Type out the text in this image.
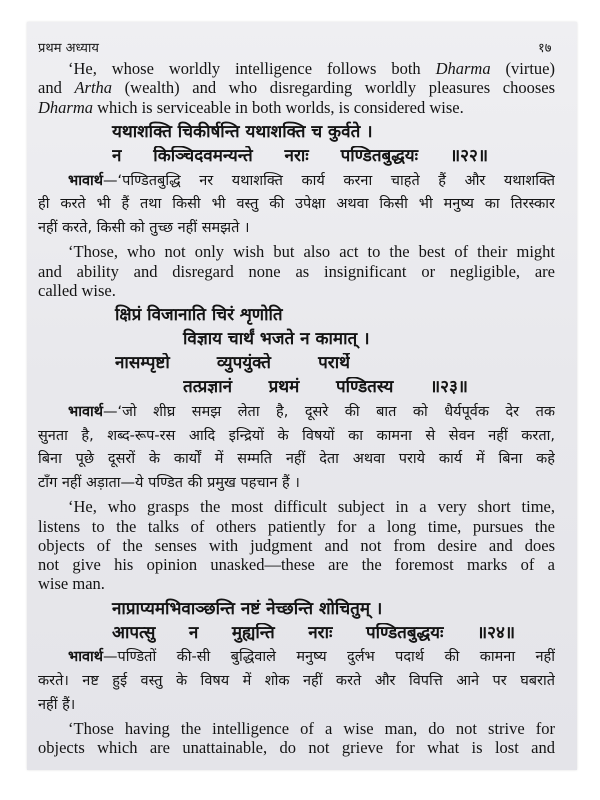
प्रथम अध्याय	१७
‘He, whose worldly intelligence follows both Dharma (virtue)
and Artha (wealth) and who disregarding worldly pleasures chooses
Dharma which is serviceable in both worlds, is considered wise.
यथाशक्ति चिकीर्षन्ति यथाशक्ति च कुर्वते ।
न किञ्चिदवमन्यन्ते नराः पण्डितबुद्धयः ॥२२॥
भावार्थ—‘पण्डितबुद्धि नर यथाशक्ति कार्य करना चाहते हैं और यथाशक्ति
ही करते भी हैं तथा किसी भी वस्तु की उपेक्षा अथवा किसी भी मनुष्य का तिरस्कार
नहीं करते, किसी को तुच्छ नहीं समझते ।
‘Those, who not only wish but also act to the best of their might
and ability and disregard none as insignificant or negligible, are
called wise.
क्षिप्रं विजानाति चिरं शृणोति
विज्ञाय चार्थं भजते न कामात् ।
नासम्पृष्टो व्युपयुंक्ते परार्थे
तत्प्रज्ञानं प्रथमं पण्डितस्य ॥२३॥
भावार्थ—‘जो शीघ्र समझ लेता है, दूसरे की बात को धैर्यपूर्वक देर तक
सुनता है, शब्द-रूप-रस आदि इन्द्रियों के विषयों का कामना से सेवन नहीं करता,
बिना पूछे दूसरों के कार्यों में सम्मति नहीं देता अथवा पराये कार्य में बिना कहे
टाँग नहीं अड़ाता—ये पण्डित की प्रमुख पहचान हैं ।
‘He, who grasps the most difficult subject in a very short time,
listens to the talks of others patiently for a long time, pursues the
objects of the senses with judgment and not from desire and does
not give his opinion unasked—these are the foremost marks of a
wise man.
नाप्राप्यमभिवाञ्छन्ति नष्टं नेच्छन्ति शोचितुम् ।
आपत्सु न मुह्यन्ति नराः पण्डितबुद्धयः ॥२४॥
भावार्थ—पण्डितों की-सी बुद्धिवाले मनुष्य दुर्लभ पदार्थ की कामना नहीं
करते। नष्ट हुई वस्तु के विषय में शोक नहीं करते और विपत्ति आने पर घबराते
नहीं हैं।
‘Those having the intelligence of a wise man, do not strive for
objects which are unattainable, do not grieve for what is lost and
